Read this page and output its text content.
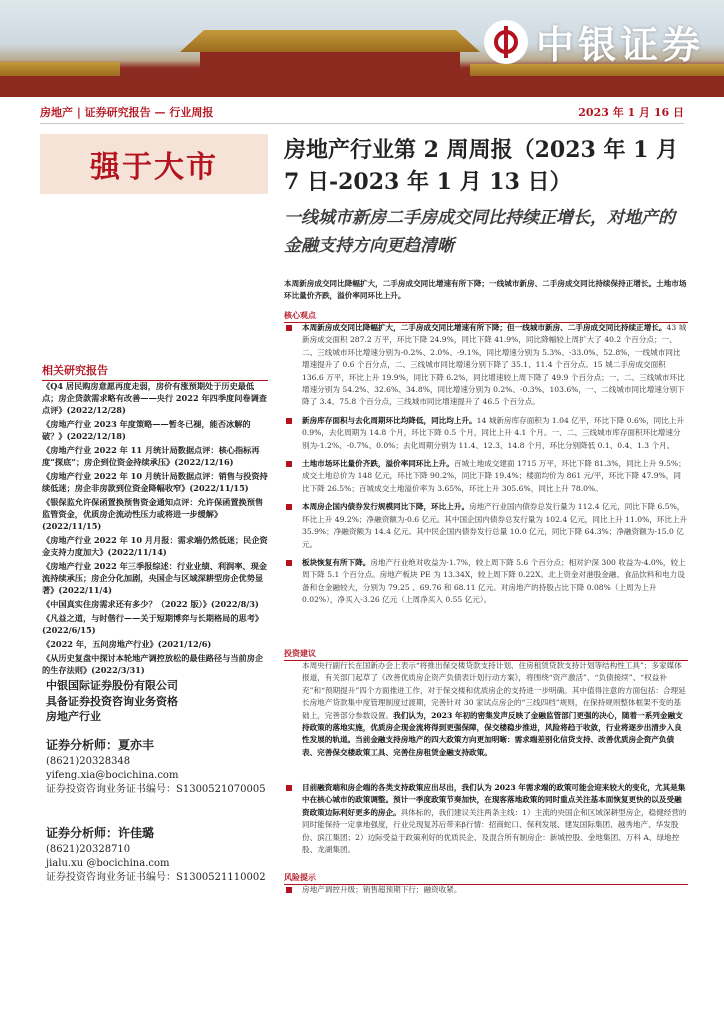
中银证券
房地产 | 证券研究报告 — 行业周报	2023 年 1 月 16 日
强于大市
相关研究报告
《Q4 居民购房意愿再度走弱，房价有涨预期处于历史最低点；房企贷款需求略有改善——央行 2022 年四季度问卷调查点评》(2022/12/28)
《房地产行业 2023 年度策略——暂冬已褪，能否冰解的破？》(2022/12/18)
《房地产行业 2022 年 11 月统计局数据点评：核心指标再度“探底”；房企到位资金持续承压》(2022/12/16)
《房地产行业 2022 年 10 月统计局数据点评：销售与投资持续低迷；房企非房款到位资金降幅收窄》(2022/11/15)
《银保监允许保函置换预售资金通知点评：允许保函置换预售监管资金，优质房企流动性压力或将进一步缓解》(2022/11/15)
《房地产行业 2022 年 10 月月报：需求端仍然低迷；民企资金支持力度加大》(2022/11/14)
《房地产行业 2022 年三季报综述：行业业绩、利润率、现金流持续承压；房企分化加剧，央国企与区域深耕型房企优势显著》(2022/11/4)
《中国真实住房需求还有多少？（2022 版）》(2022/8/3)
《凡益之道，与时偕行——关于短期博弈与长期格局的思考》(2022/6/15)
《2022 年，五问房地产行业》(2021/12/6)
《从历史复盘中探讨本轮地产调控放松的最佳路径与当前房企的生存法则》(2022/3/31)
中银国际证券股份有限公司
具备证券投资咨询业务资格
房地产行业
证券分析师：夏亦丰
(8621)20328348
yifeng.xia@bocichina.com
证券投资咨询业务证书编号：S1300521070005
证券分析师：许佳璐
(8621)20328710
jialu.xu @bocichina.com
证券投资咨询业务证书编号：S1300521110002
房地产行业第 2 周周报（2023 年 1 月 7 日-2023 年 1 月 13 日）
一线城市新房二手房成交同比持续正增长，对地产的金融支持方向更趋清晰

本周新房成交同比降幅扩大，二手房成交同比增速有所下降；一线城市新房、二手房成交同比持续保持正增长。土地市场环比量价齐跌，溢价率同环比上升。

核心观点
本周新房成交同比降幅扩大，二手房成交同比增速有所下降；但一线城市新房、二手房成交同比持续正增长。43 城新房成交面积 287.2 万平，环比下降 24.9%，同比下降 41.9%，同比降幅较上周扩大了 40.2 个百分点；一、二、三线城市环比增速分别为-0.2%、2.0%、-9.1%，同比增速分别为 5.3%、-33.0%、52.8%，一线城市同比增速提升了 0.6 个百分点，二、三线城市同比增速分别下降了 35.1、11.4 个百分点。15 城二手房成交面积 136.6 万平，环比上升 19.9%，同比下降 6.2%，同比增速较上周下降了 49.9 个百分点；一、二、三线城市环比增速分别为 54.2%、32.6%、34.8%，同比增速分别为 0.2%、-0.3%、103.6%，一、二线城市同比增速分别下降了 3.4、75.8 个百分点，三线城市同比增速提升了 46.5 个百分点。
新房库存面积与去化周期环比均降低，同比均上升。14 城新房库存面积为 1.04 亿平，环比下降 0.6%，同比上升 0.9%，去化周期为 14.8 个月，环比下降 0.5 个月，同比上升 4.1 个月。一、二、三线城市库存面积环比增速分别为-1.2%、-0.7%、0.0%；去化周期分别为 11.4、12.3、14.8 个月，环比分别降低 0.1、0.4、1.3 个月。
土地市场环比量价齐跌，溢价率同环比上升。百城土地成交建面 1715 万平，环比下降 81.3%，同比上升 9.5%；成交土地总价为 148 亿元，环比下降 90.2%，同比下降 19.4%；楼面均价为 861 元/平，环比下降 47.9%，同比下降 26.5%；百城成交土地溢价率为 3.65%，环比上升 305.6%，同比上升 78.0%。
本周房企国内债券发行规模同比下降，环比上升。房地产行业国内债券总发行量为 112.4 亿元，同比下降 6.5%，环比上升 49.2%；净融资额为-0.6 亿元。其中国企国内债券总发行量为 102.4 亿元，同比上升 11.0%，环比上升 35.9%；净融资额为 14.4 亿元。其中民企国内债券发行总量 10.0 亿元，同比下降 64.3%；净融资额为-15.0 亿元。
板块恢复有所下降。房地产行业绝对收益为-1.7%，较上周下降 5.6 个百分点；相对沪深 300 收益为-4.0%，较上周下降 5.1 个百分点。房地产板块 PE 为 13.34X，较上周下降 0.22X。北上资金对港股金融、食品饮料和电力设备和仓金融较大，分别为 79.25 、69.76 和 68.11 亿元。对房地产的持股占比下降 0.08%（上周为上升 0.02%），净买入-3.26 亿元（上周净买入 0.55 亿元）。
投资建议

本周央行副行长在国新办会上表示“将推出保交楼贷款支持计划、住房租赁贷款支持计划等结构性工具”；多家媒体报道，有关部门起草了《改善优质房企资产负债表计划行动方案》，将围绕“资产激活”、“负债接续”、“权益补充”和“预期提升”四个方面推进工作，对于保交楼和优质房企的支持进一步明确。其中值得注意的方面包括：合理延长房地产贷款集中度管理制度过渡期，完善针对 30 家试点房企的“三线四档”规则，在保持规则整体框架不变的基础上，完善部分参数设置。我们认为，2023 年初的密集发声反映了金融监管部门更强的决心，随着一系列金融支持政策的落地实施，优质房企现金流将得到更强保障，保交楼稳步推进，风险将趋于收敛，行业将逐步出清步入良性发展的轨道。当前金融支持房地产的四大政策方向更加明晰：需求端差别化信贷支持、改善优质房企资产负债表、完善保交楼政策工具、完善住房租赁金融支持政策。

目前融资端和房企端的各类支持政策应出尽出，我们认为 2023 年需求端的政策可能会迎来较大的变化，尤其是集中在核心城市的政策调整。预计一季度政策节奏加快，在现客落地政策的同时重点关注基本面恢复更快的以及受融资政策边际利好更多的房企。具体标的，我们建议关注两条主线：1）主流的央国企和区域深耕型房企，稳健经营的同时能保持一定拿地强度，行业兑现复苏后带来β行情：招商蛇口、保利发展、建发国际集团、越秀地产、华发股份、滨江集团；2）边际受益于政策利好的优质民企、及混合所有制房企：新城控股、金地集团、万科 A、绿地控股、龙湖集团。
风险提示
房地产调控升级；销售超预期下行；融资收紧。
